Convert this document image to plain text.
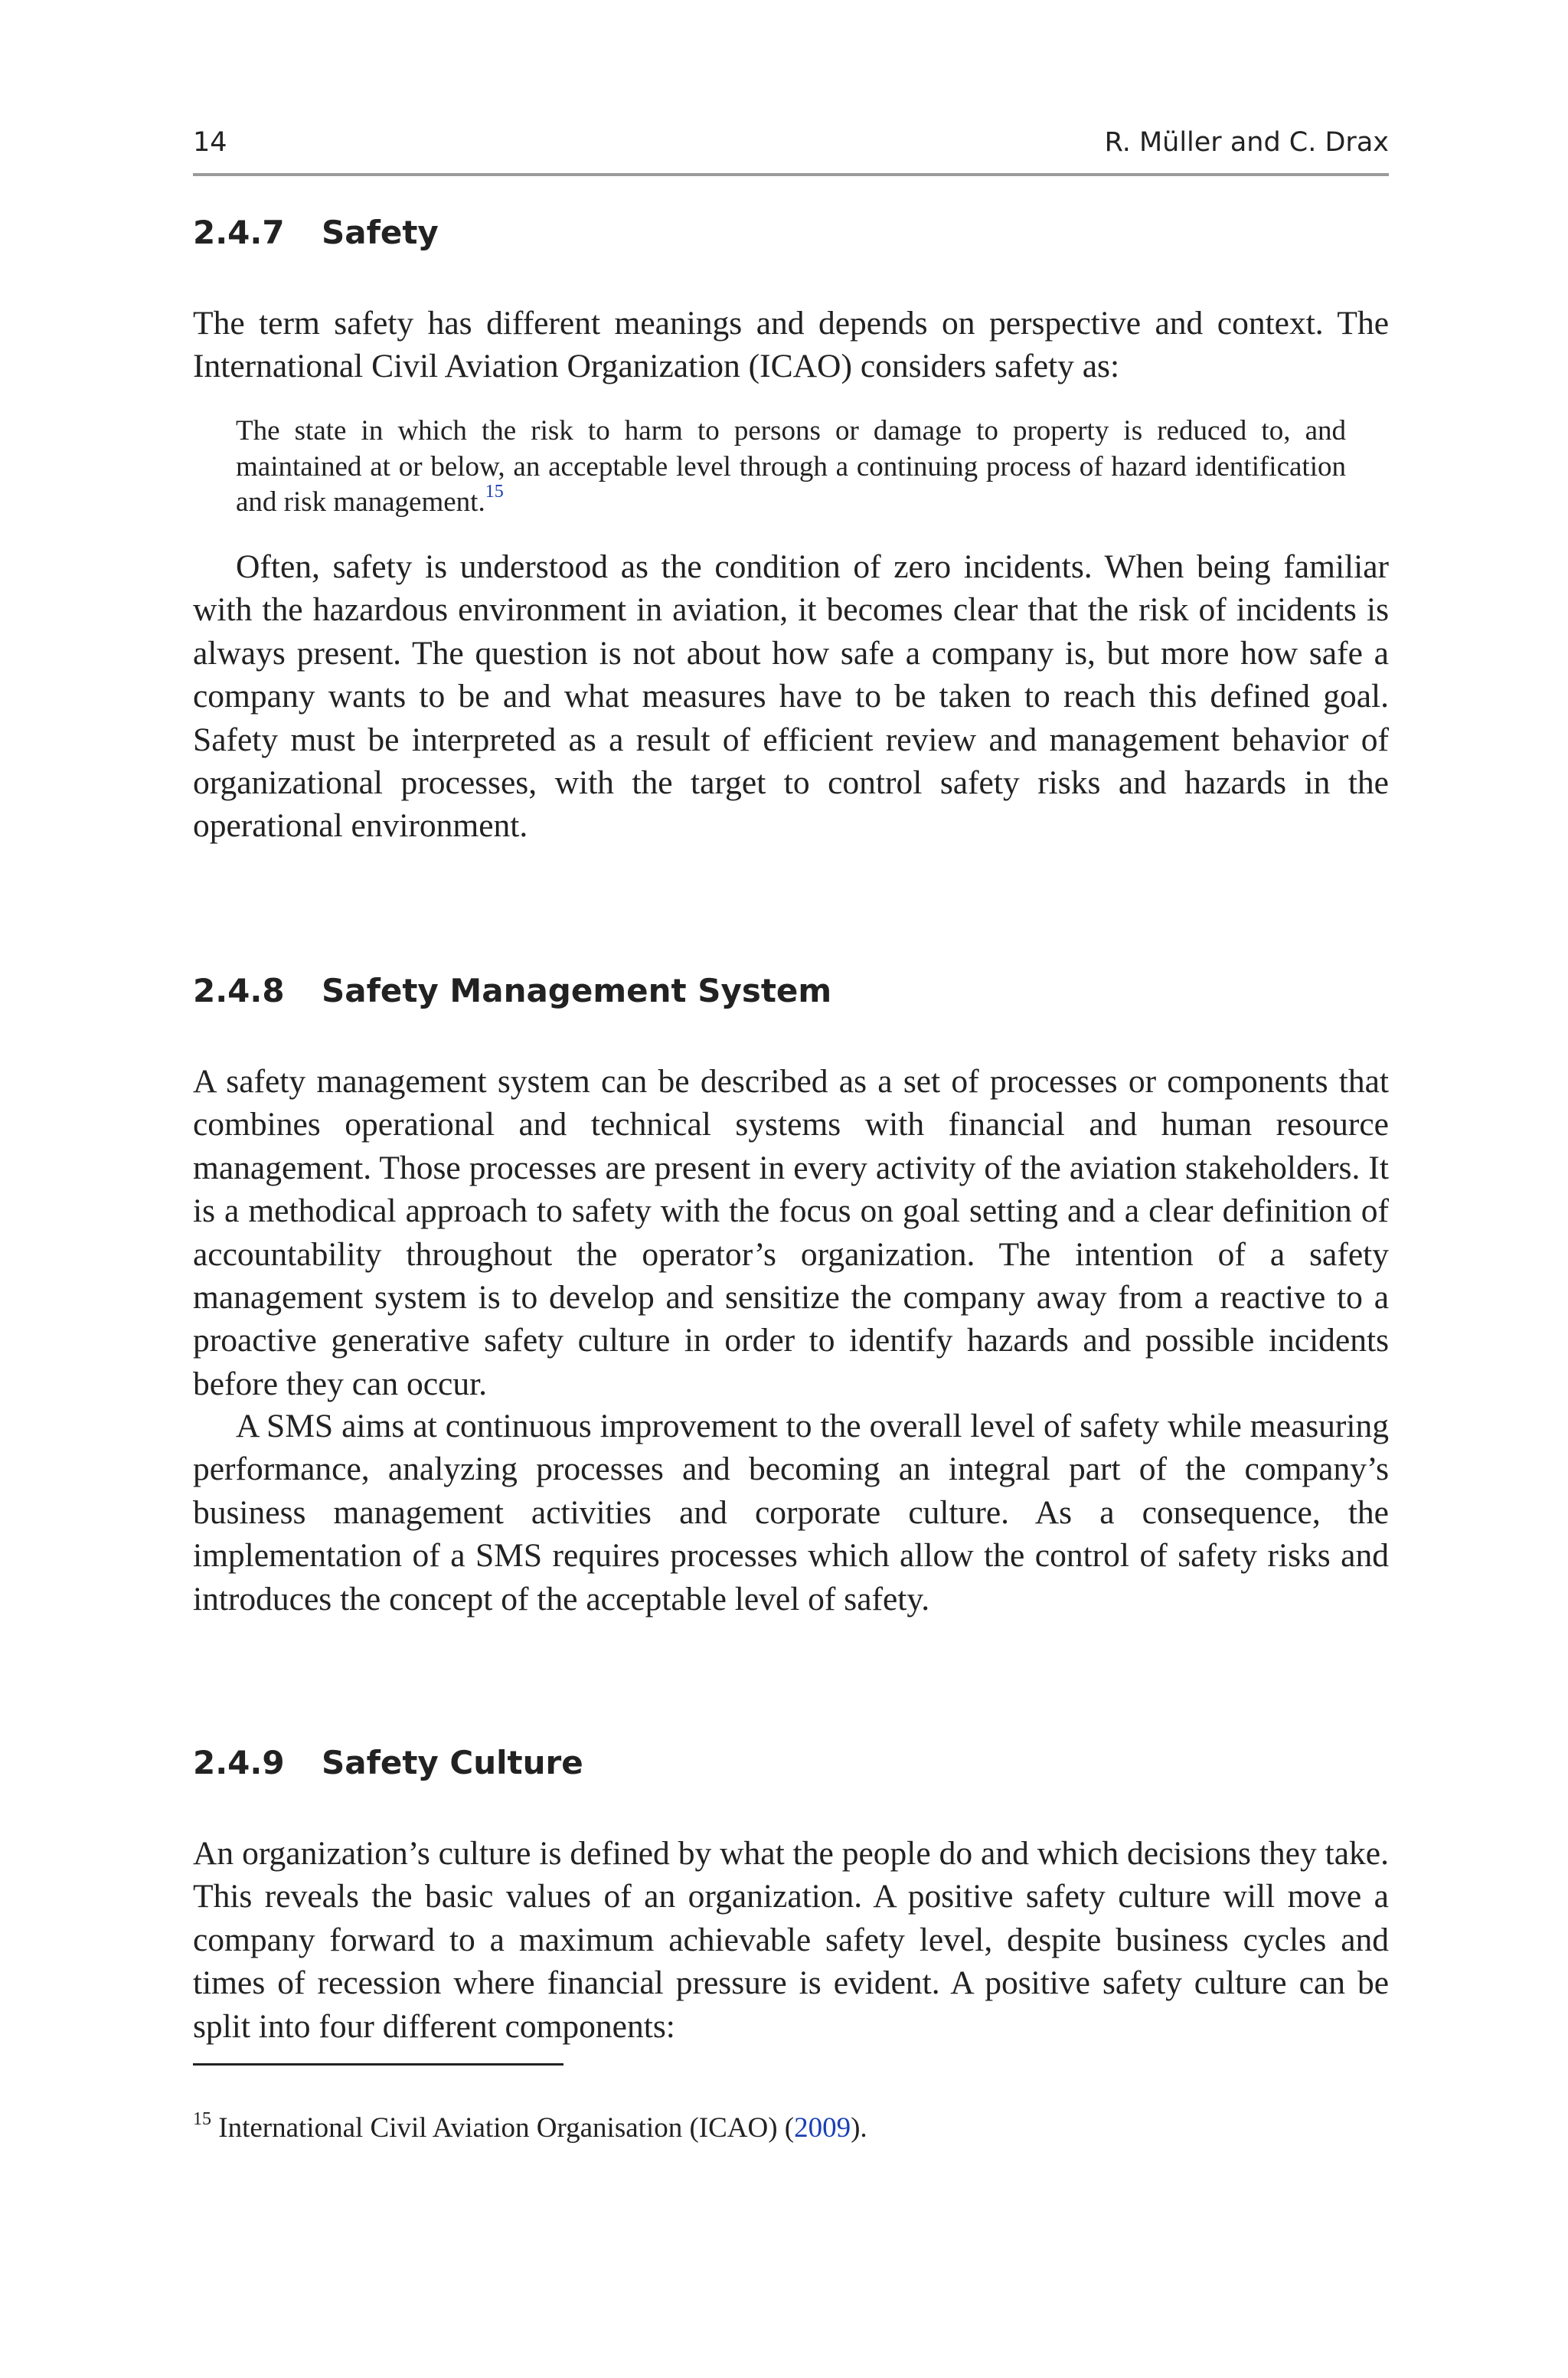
14	R. Müller and C. Drax
2.4.7 Safety

The term safety has different meanings and depends on perspective and context. The International Civil Aviation Organization (ICAO) considers safety as:

The state in which the risk to harm to persons or damage to property is reduced to, and maintained at or below, an acceptable level through a continuing process of hazard identification and risk management.$^{15}$

Often, safety is understood as the condition of zero incidents. When being familiar with the hazardous environment in aviation, it becomes clear that the risk of incidents is always present. The question is not about how safe a company is, but more how safe a company wants to be and what measures have to be taken to reach this defined goal. Safety must be interpreted as a result of efficient review and management behavior of organizational processes, with the target to control safety risks and hazards in the operational environment.

2.4.8 Safety Management System

A safety management system can be described as a set of processes or components that combines operational and technical systems with financial and human resource management. Those processes are present in every activity of the aviation stakeholders. It is a methodical approach to safety with the focus on goal setting and a clear definition of accountability throughout the operator’s organization. The intention of a safety management system is to develop and sensitize the company away from a reactive to a proactive generative safety culture in order to identify hazards and possible incidents before they can occur.

A SMS aims at continuous improvement to the overall level of safety while measuring performance, analyzing processes and becoming an integral part of the company’s business management activities and corporate culture. As a consequence, the implementation of a SMS requires processes which allow the control of safety risks and introduces the concept of the acceptable level of safety.

2.4.9 Safety Culture

An organization’s culture is defined by what the people do and which decisions they take. This reveals the basic values of an organization. A positive safety culture will move a company forward to a maximum achievable safety level, despite business cycles and times of recession where financial pressure is evident. A positive safety culture can be split into four different components:

$^{15}$ International Civil Aviation Organisation (ICAO) (2009).
